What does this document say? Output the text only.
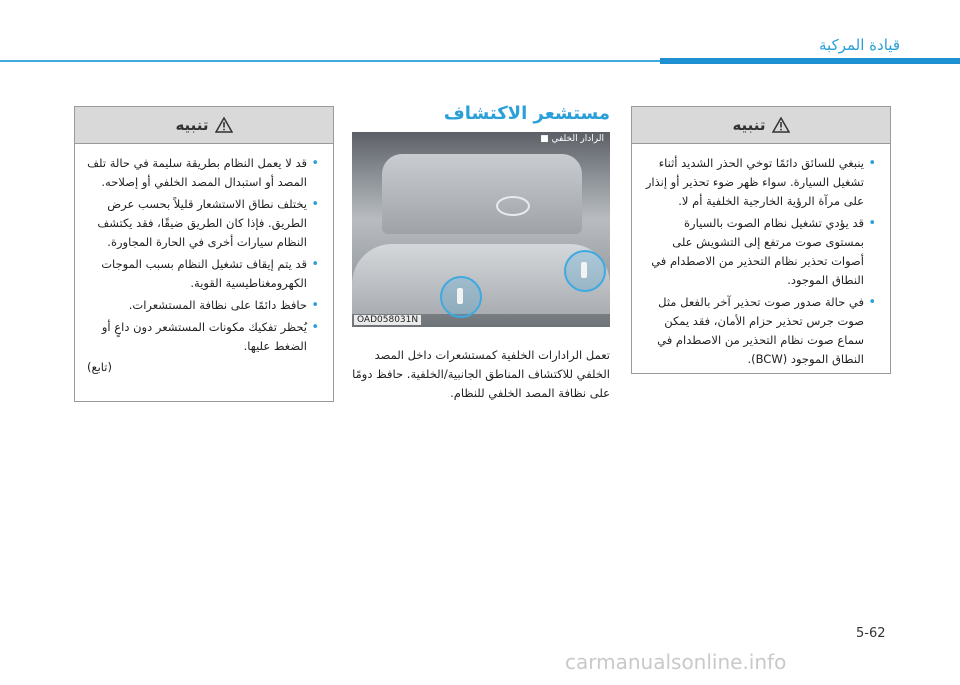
قيادة المركبة
تنبيه
• قد لا يعمل النظام بطريقة سليمة في حالة تلف المصد أو استبدال المصد الخلفي أو إصلاحه.
• يختلف نطاق الاستشعار قليلاً بحسب عرض الطريق. فإذا كان الطريق ضيقًا، فقد يكتشف النظام سيارات أخرى في الحارة المجاورة.
• قد يتم إيقاف تشغيل النظام بسبب الموجات الكهرومغناطيسية القوية.
• حافظ دائمًا على نظافة المستشعرات.
• يُحظر تفكيك مكونات المستشعر دون داعٍ أو الضغط عليها.
(تابع)
مستشعر الاكتشاف
الرادار الخلفي ■
OAD058031N
تعمل الرادارات الخلفية كمستشعرات داخل المصد الخلفي للاكتشاف المناطق الجانبية/الخلفية. حافظ دومًا على نظافة المصد الخلفي للنظام.
تنبيه
• ينبغي للسائق دائمًا توخي الحذر الشديد أثناء تشغيل السيارة. سواء ظهر ضوء تحذير أو إنذار على مرآة الرؤية الخارجية الخلفية أم لا.
• قد يؤدي تشغيل نظام الصوت بالسيارة بمستوى صوت مرتفع إلى التشويش على أصوات تحذير نظام التحذير من الاصطدام في النطاق الموجود.
• في حالة صدور صوت تحذير آخر بالفعل مثل صوت جرس تحذير حزام الأمان، فقد يمكن سماع صوت نظام التحذير من الاصطدام في النطاق الموجود (BCW).
5-62
carmanualsonline.info
